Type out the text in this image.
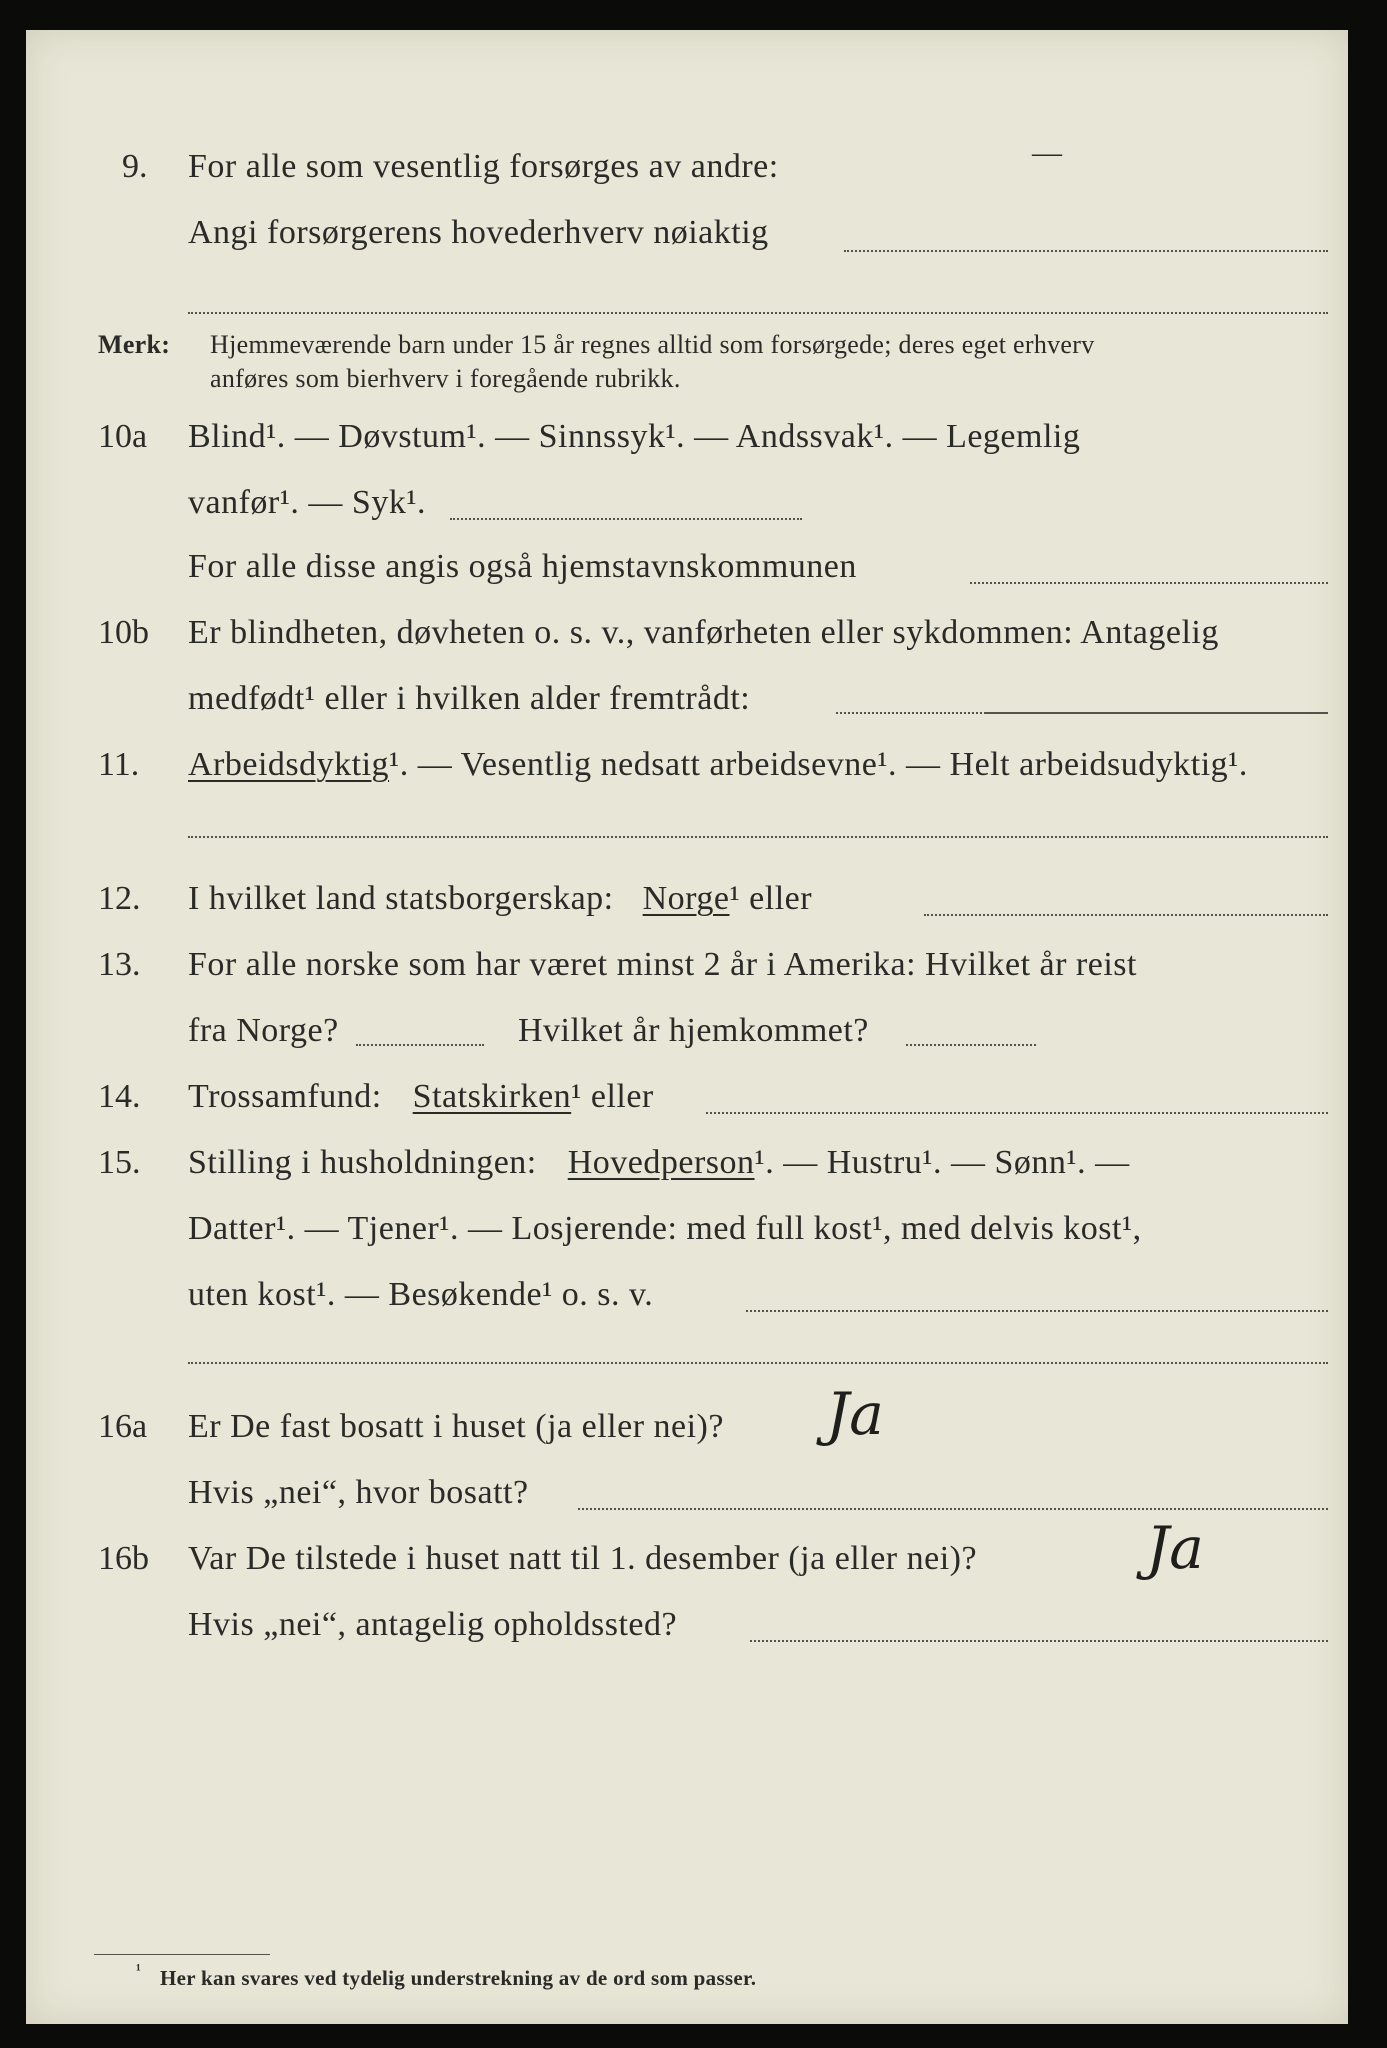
9. For alle som vesentlig forsørges av andre:	—
Angi forsørgerens hovederhverv nøiaktig
Merk: Hjemmeværende barn under 15 år regnes alltid som forsørgede; deres eget erhverv
anføres som bierhverv i foregående rubrikk.
10a Blind¹. — Døvstum¹. — Sinnssyk¹. — Andssvak¹. — Legemlig
vanfør¹. — Syk¹.
For alle disse angis også hjemstavnskommunen
10b Er blindheten, døvheten o. s. v., vanførheten eller sykdommen: Antagelig
medfødt¹ eller i hvilken alder fremtrådt:
11. Arbeidsdyktig¹. — Vesentlig nedsatt arbeidsevne¹. — Helt arbeidsudyktig¹.
12. I hvilket land statsborgerskap: Norge¹ eller
13. For alle norske som har været minst 2 år i Amerika: Hvilket år reist
fra Norge?	Hvilket år hjemkommet?
14. Trossamfund: Statskirken¹ eller
15. Stilling i husholdningen: Hovedperson¹. — Hustru¹. — Sønn¹. —
Datter¹. — Tjener¹. — Losjerende: med full kost¹, med delvis kost¹,
uten kost¹. — Besøkende¹ o. s. v.
16a Er De fast bosatt i huset (ja eller nei)? Ja
Hvis „nei“, hvor bosatt?
16b Var De tilstede i huset natt til 1. desember (ja eller nei)?	Ja
Hvis „nei“, antagelig opholdssted?
¹ Her kan svares ved tydelig understrekning av de ord som passer.
